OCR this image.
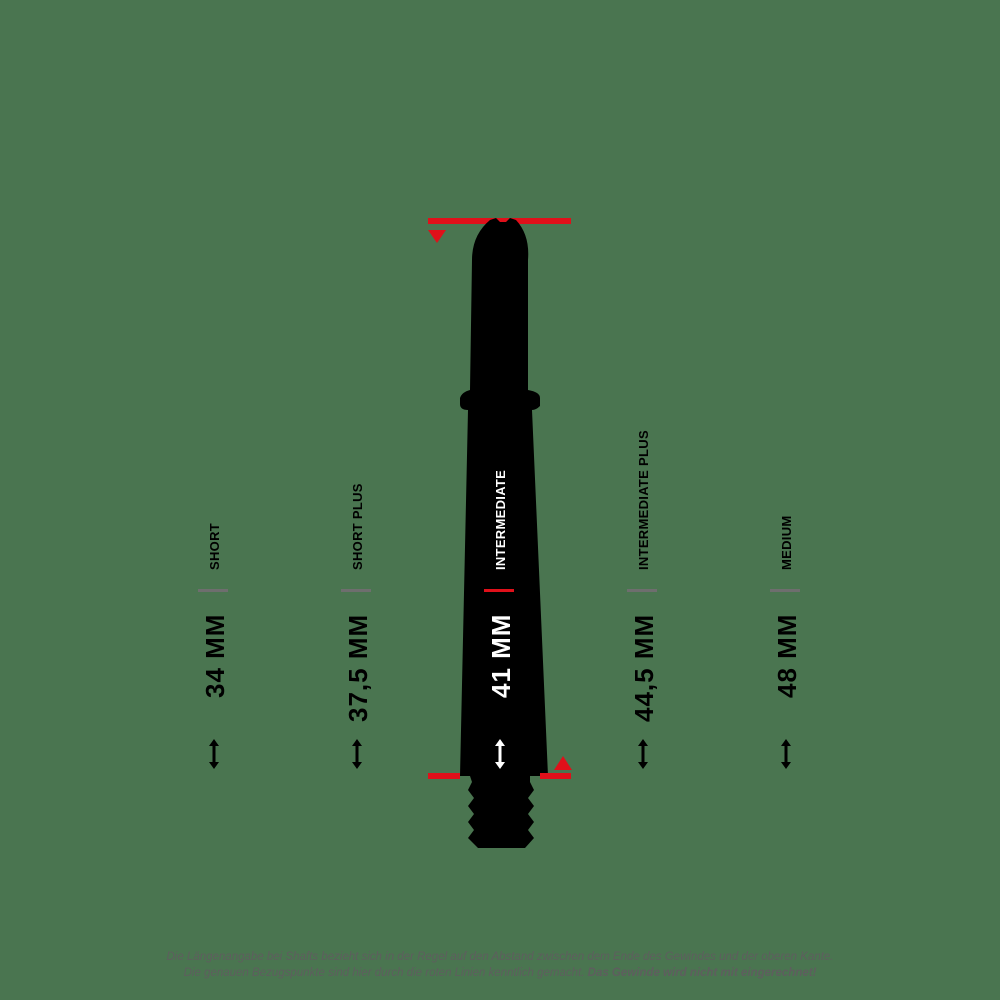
SHORT
34 MM
SHORT PLUS
37,5 MM
INTERMEDIATE
41 MM
INTERMEDIATE PLUS
44,5 MM
MEDIUM
48 MM
Die Längenangabe bei Shafts bezieht sich in der Regel auf den Abstand zwischen dem Ende des Gewindes und der oberen Kante.
Die genauen Bezugspunkte sind hier durch die roten Linien kenntlich gemacht. Das Gewinde wird nicht mit eingerechnet!
